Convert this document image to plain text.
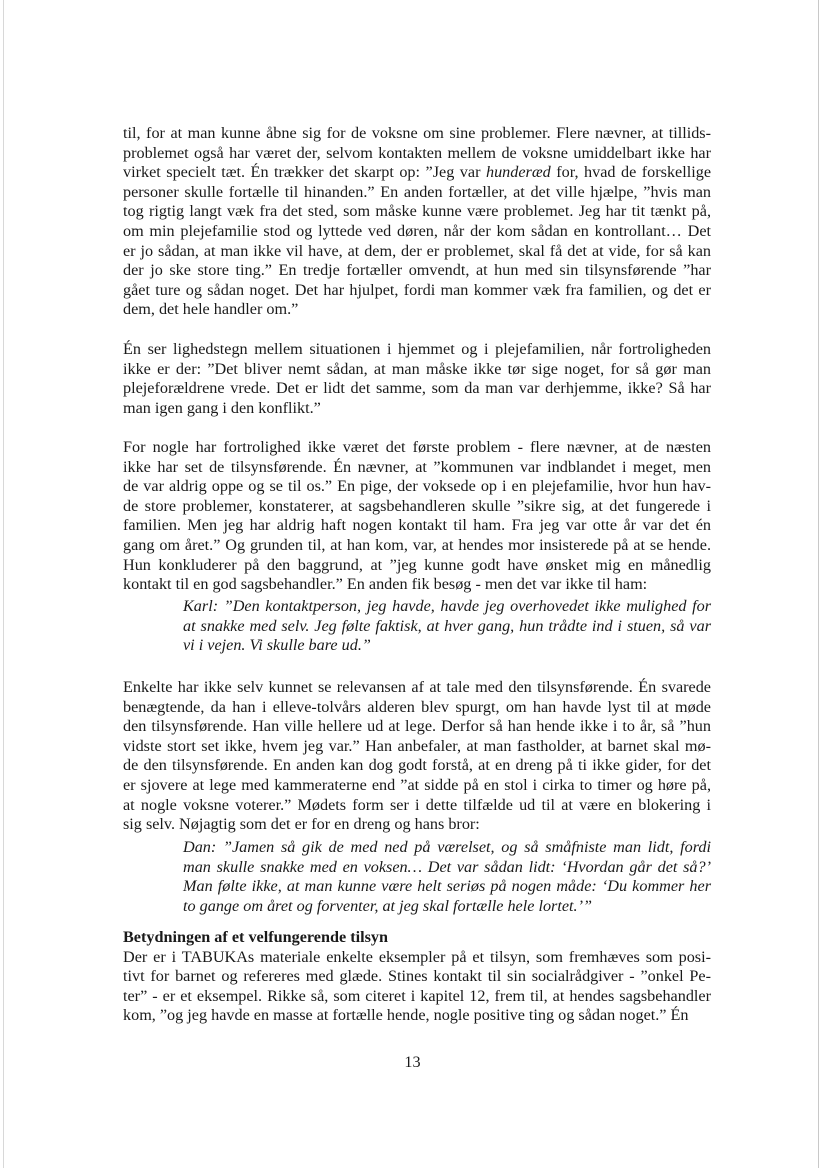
til, for at man kunne åbne sig for de voksne om sine problemer. Flere nævner, at tillids-
problemet også har været der, selvom kontakten mellem de voksne umiddelbart ikke har
virket specielt tæt. Én trækker det skarpt op: ”Jeg var hunderæd for, hvad de forskellige
personer skulle fortælle til hinanden.” En anden fortæller, at det ville hjælpe, ”hvis man
tog rigtig langt væk fra det sted, som måske kunne være problemet. Jeg har tit tænkt på,
om min plejefamilie stod og lyttede ved døren, når der kom sådan en kontrollant… Det
er jo sådan, at man ikke vil have, at dem, der er problemet, skal få det at vide, for så kan
der jo ske store ting.” En tredje fortæller omvendt, at hun med sin tilsynsførende ”har
gået ture og sådan noget. Det har hjulpet, fordi man kommer væk fra familien, og det er
dem, det hele handler om.”
Én ser lighedstegn mellem situationen i hjemmet og i plejefamilien, når fortroligheden
ikke er der: ”Det bliver nemt sådan, at man måske ikke tør sige noget, for så gør man
plejeforældrene vrede. Det er lidt det samme, som da man var derhjemme, ikke? Så har
man igen gang i den konflikt.”
For nogle har fortrolighed ikke været det første problem - flere nævner, at de næsten
ikke har set de tilsynsførende. Én nævner, at ”kommunen var indblandet i meget, men
de var aldrig oppe og se til os.” En pige, der voksede op i en plejefamilie, hvor hun hav-
de store problemer, konstaterer, at sagsbehandleren skulle ”sikre sig, at det fungerede i
familien. Men jeg har aldrig haft nogen kontakt til ham. Fra jeg var otte år var det én
gang om året.” Og grunden til, at han kom, var, at hendes mor insisterede på at se hende.
Hun konkluderer på den baggrund, at ”jeg kunne godt have ønsket mig en månedlig
kontakt til en god sagsbehandler.” En anden fik besøg - men det var ikke til ham:
Karl: ”Den kontaktperson, jeg havde, havde jeg overhovedet ikke mulighed for
at snakke med selv. Jeg følte faktisk, at hver gang, hun trådte ind i stuen, så var
vi i vejen. Vi skulle bare ud.”
Enkelte har ikke selv kunnet se relevansen af at tale med den tilsynsførende. Én svarede
benægtende, da han i elleve-tolvårs alderen blev spurgt, om han havde lyst til at møde
den tilsynsførende. Han ville hellere ud at lege. Derfor så han hende ikke i to år, så ”hun
vidste stort set ikke, hvem jeg var.” Han anbefaler, at man fastholder, at barnet skal mø-
de den tilsynsførende. En anden kan dog godt forstå, at en dreng på ti ikke gider, for det
er sjovere at lege med kammeraterne end ”at sidde på en stol i cirka to timer og høre på,
at nogle voksne voterer.” Mødets form ser i dette tilfælde ud til at være en blokering i
sig selv. Nøjagtig som det er for en dreng og hans bror:
Dan: ”Jamen så gik de med ned på værelset, og så småfniste man lidt, fordi
man skulle snakke med en voksen… Det var sådan lidt: ‘Hvordan går det så?’
Man følte ikke, at man kunne være helt seriøs på nogen måde: ‘Du kommer her
to gange om året og forventer, at jeg skal fortælle hele lortet.’”
Betydningen af et velfungerende tilsyn
Der er i TABUKAs materiale enkelte eksempler på et tilsyn, som fremhæves som posi-
tivt for barnet og refereres med glæde. Stines kontakt til sin socialrådgiver - ”onkel Pe-
ter” - er et eksempel. Rikke så, som citeret i kapitel 12, frem til, at hendes sagsbehandler
kom, ”og jeg havde en masse at fortælle hende, nogle positive ting og sådan noget.” Én
13
